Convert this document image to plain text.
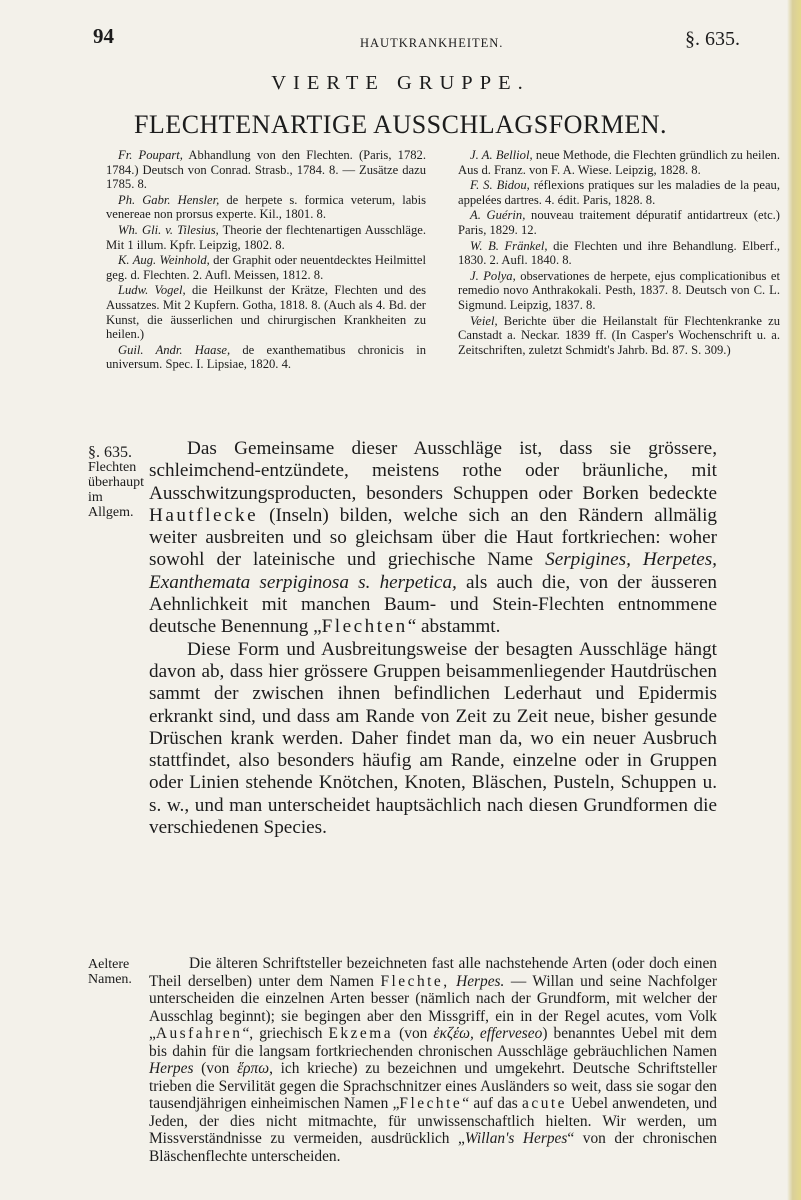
94	HAUTKRANKHEITEN.	§. 635.
VIERTE GRUPPE.
FLECHTENARTIGE AUSSCHLAGSFORMEN.

Fr. Poupart, Abhandlung von den Flechten. (Paris, 1782. 1784.) Deutsch von Conrad. Strasb., 1784. 8. — Zusätze dazu 1785. 8.

Ph. Gabr. Hensler, de herpete s. formica veterum, labis venereae non prorsus experte. Kil., 1801. 8.

Wh. Gli. v. Tilesius, Theorie der flechtenartigen Ausschläge. Mit 1 illum. Kpfr. Leipzig, 1802. 8.

K. Aug. Weinhold, der Graphit oder neuentdecktes Heilmittel geg. d. Flechten. 2. Aufl. Meissen, 1812. 8.

Ludw. Vogel, die Heilkunst der Krätze, Flechten und des Aussatzes. Mit 2 Kupfern. Gotha, 1818. 8. (Auch als 4. Bd. der Kunst, die äusserlichen und chirurgischen Krankheiten zu heilen.)

Guil. Andr. Haase, de exanthematibus chronicis in universum. Spec. I. Lipsiae, 1820. 4.

J. A. Belliol, neue Methode, die Flechten gründlich zu heilen. Aus d. Franz. von F. A. Wiese. Leipzig, 1828. 8.

F. S. Bidou, réflexions pratiques sur les maladies de la peau, appelées dartres. 4. édit. Paris, 1828. 8.

A. Guérin, nouveau traitement dépuratif antidartreux (etc.) Paris, 1829. 12.

W. B. Fränkel, die Flechten und ihre Behandlung. Elberf., 1830. 2. Aufl. 1840. 8.

J. Polya, observationes de herpete, ejus complicationibus et remedio novo Anthrakokali. Pesth, 1837. 8. Deutsch von C. L. Sigmund. Leipzig, 1837. 8.

Veiel, Berichte über die Heilanstalt für Flechtenkranke zu Canstadt a. Neckar. 1839 ff. (In Casper's Wochenschrift u. a. Zeitschriften, zuletzt Schmidt's Jahrb. Bd. 87. S. 309.)

§. 635.
Flechten
überhaupt
im Allgem.
Aeltere
Namen.

Das Gemeinsame dieser Ausschläge ist, dass sie grössere, schleimchend-entzündete, meistens rothe oder bräunliche, mit Ausschwitzungsproducten, besonders Schuppen oder Borken bedeckte Hautflecke (Inseln) bilden, welche sich an den Rändern allmälig weiter ausbreiten und so gleichsam über die Haut fortkriechen: woher sowohl der lateinische und griechische Name Serpigines, Herpetes, Exanthemata serpiginosa s. herpetica, als auch die, von der äusseren Aehnlichkeit mit manchen Baum- und Stein-Flechten entnommene deutsche Benennung „Flechten“ abstammt.

Diese Form und Ausbreitungsweise der besagten Ausschläge hängt davon ab, dass hier grössere Gruppen beisammenliegender Hautdrüschen sammt der zwischen ihnen befindlichen Lederhaut und Epidermis erkrankt sind, und dass am Rande von Zeit zu Zeit neue, bisher gesunde Drüschen krank werden. Daher findet man da, wo ein neuer Ausbruch stattfindet, also besonders häufig am Rande, einzelne oder in Gruppen oder Linien stehende Knötchen, Knoten, Bläschen, Pusteln, Schuppen u. s. w., und man unterscheidet hauptsächlich nach diesen Grundformen die verschiedenen Species.

Die älteren Schriftsteller bezeichneten fast alle nachstehende Arten (oder doch einen Theil derselben) unter dem Namen Flechte, Herpes. — Willan und seine Nachfolger unterscheiden die einzelnen Arten besser (nämlich nach der Grundform, mit welcher der Ausschlag beginnt); sie begingen aber den Missgriff, ein in der Regel acutes, vom Volk „Ausfahren“, griechisch Ekzema (von ἐκζέω, efferveseo) benanntes Uebel mit dem bis dahin für die langsam fortkriechenden chronischen Ausschläge gebräuchlichen Namen Herpes (von ἕρπω, ich krieche) zu bezeichnen und umgekehrt. Deutsche Schriftsteller trieben die Servilität gegen die Sprachschnitzer eines Ausländers so weit, dass sie sogar den tausendjährigen einheimischen Namen „Flechte“ auf das acute Uebel anwendeten, und Jeden, der dies nicht mitmachte, für unwissenschaftlich hielten. Wir werden, um Missverständnisse zu vermeiden, ausdrücklich „Willan's Herpes“ von der chronischen Bläschenflechte unterscheiden.
